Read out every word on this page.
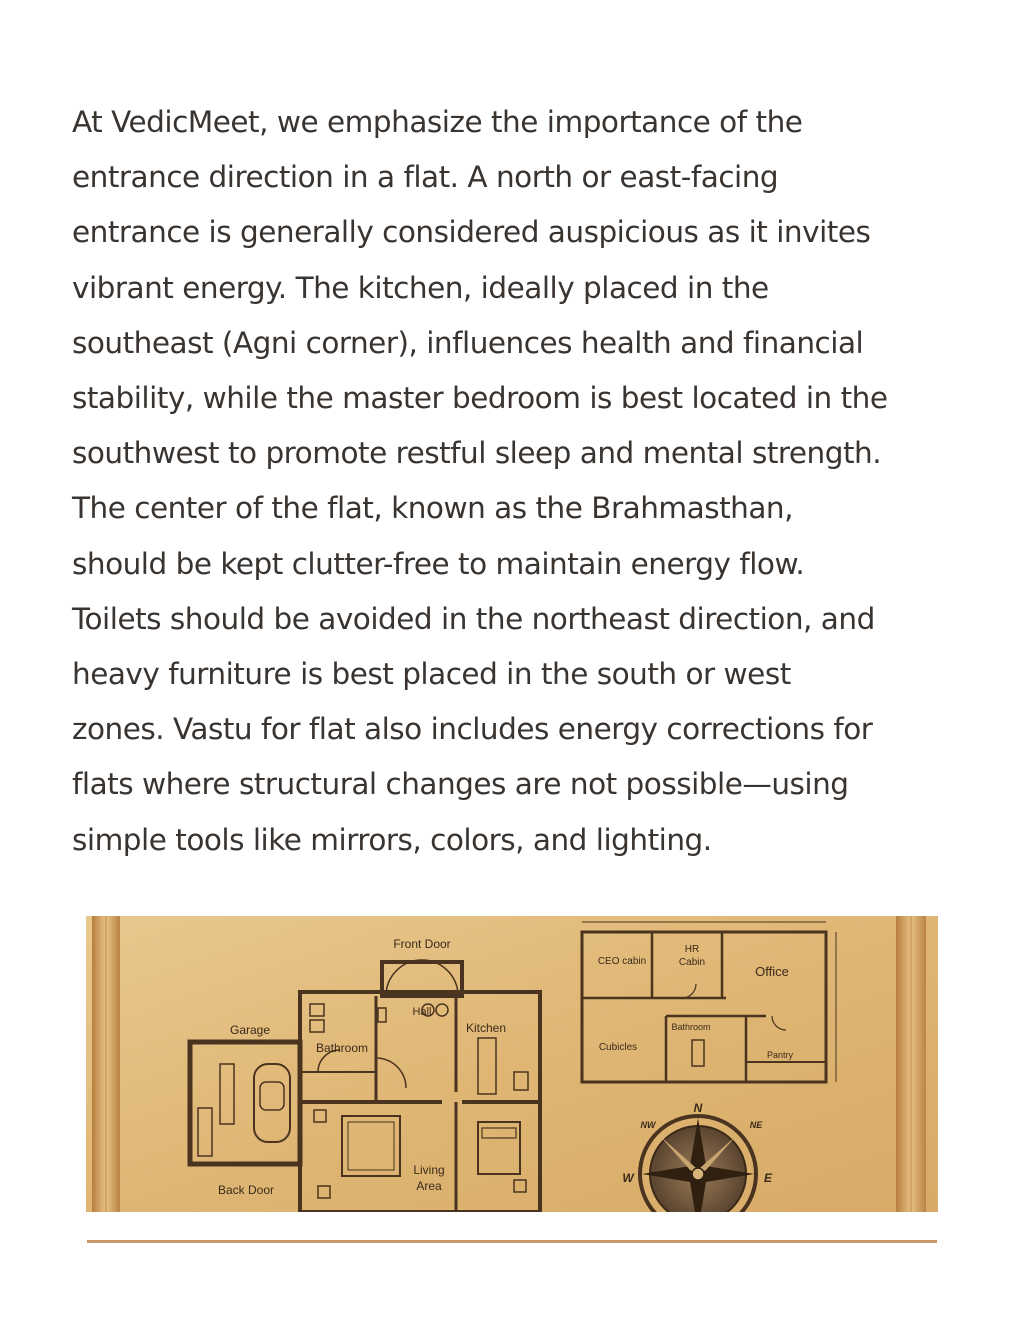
At VedicMeet, we emphasize the importance of the
entrance direction in a flat. A north or east-facing
entrance is generally considered auspicious as it invites
vibrant energy. The kitchen, ideally placed in the
southeast (Agni corner), influences health and financial
stability, while the master bedroom is best located in the
southwest to promote restful sleep and mental strength.
The center of the flat, known as the Brahmasthan,
should be kept clutter-free to maintain energy flow.
Toilets should be avoided in the northeast direction, and
heavy furniture is best placed in the south or west
zones. Vastu for flat also includes energy corrections for
flats where structural changes are not possible—using
simple tools like mirrors, colors, and lighting.
Front Door
Hall
Garage
Bathroom
Kitchen
Living
Area
Back Door
CEO cabin
HR
Cabin
Office
Bathroom
Cubicles
Pantry
N
NW	NE
W	E
